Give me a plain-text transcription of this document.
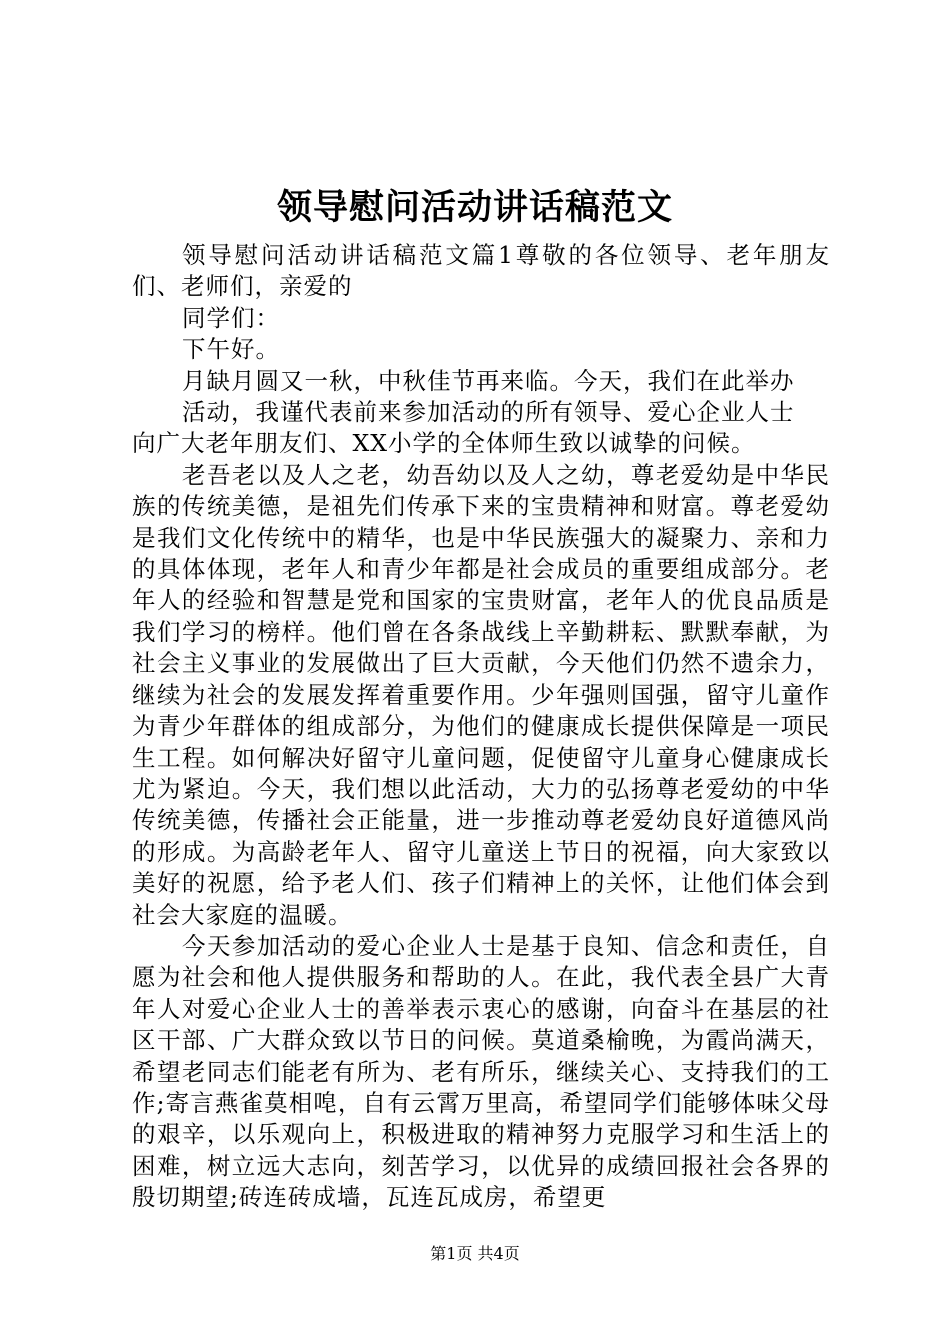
领导慰问活动讲话稿范文

领导慰问活动讲话稿范文篇1尊敬的各位领导、老年朋友们、老师们，亲爱的

同学们：

下午好。

月缺月圆又一秋，中秋佳节再来临。今天，我们在此举办

活动，我谨代表前来参加活动的所有领导、爱心企业人士

向广大老年朋友们、XX小学的全体师生致以诚挚的问候。

老吾老以及人之老，幼吾幼以及人之幼，尊老爱幼是中华民族的传统美德，是祖先们传承下来的宝贵精神和财富。尊老爱幼是我们文化传统中的精华，也是中华民族强大的凝聚力、亲和力的具体体现，老年人和青少年都是社会成员的重要组成部分。老年人的经验和智慧是党和国家的宝贵财富，老年人的优良品质是我们学习的榜样。他们曾在各条战线上辛勤耕耘、默默奉献，为社会主义事业的发展做出了巨大贡献，今天他们仍然不遗余力，继续为社会的发展发挥着重要作用。少年强则国强，留守儿童作为青少年群体的组成部分，为他们的健康成长提供保障是一项民生工程。如何解决好留守儿童问题，促使留守儿童身心健康成长尤为紧迫。今天，我们想以此活动，大力的弘扬尊老爱幼的中华传统美德，传播社会正能量，进一步推动尊老爱幼良好道德风尚的形成。为高龄老年人、留守儿童送上节日的祝福，向大家致以美好的祝愿，给予老人们、孩子们精神上的关怀，让他们体会到社会大家庭的温暖。

今天参加活动的爱心企业人士是基于良知、信念和责任，自愿为社会和他人提供服务和帮助的人。在此，我代表全县广大青年人对爱心企业人士的善举表示衷心的感谢，向奋斗在基层的社区干部、广大群众致以节日的问候。莫道桑榆晚，为霞尚满天，希望老同志们能老有所为、老有所乐，继续关心、支持我们的工作;寄言燕雀莫相唣，自有云霄万里高，希望同学们能够体味父母的艰辛，以乐观向上，积极进取的精神努力克服学习和生活上的困难，树立远大志向，刻苦学习，以优异的成绩回报社会各界的殷切期望;砖连砖成墙，瓦连瓦成房，希望更

第1页 共4页
